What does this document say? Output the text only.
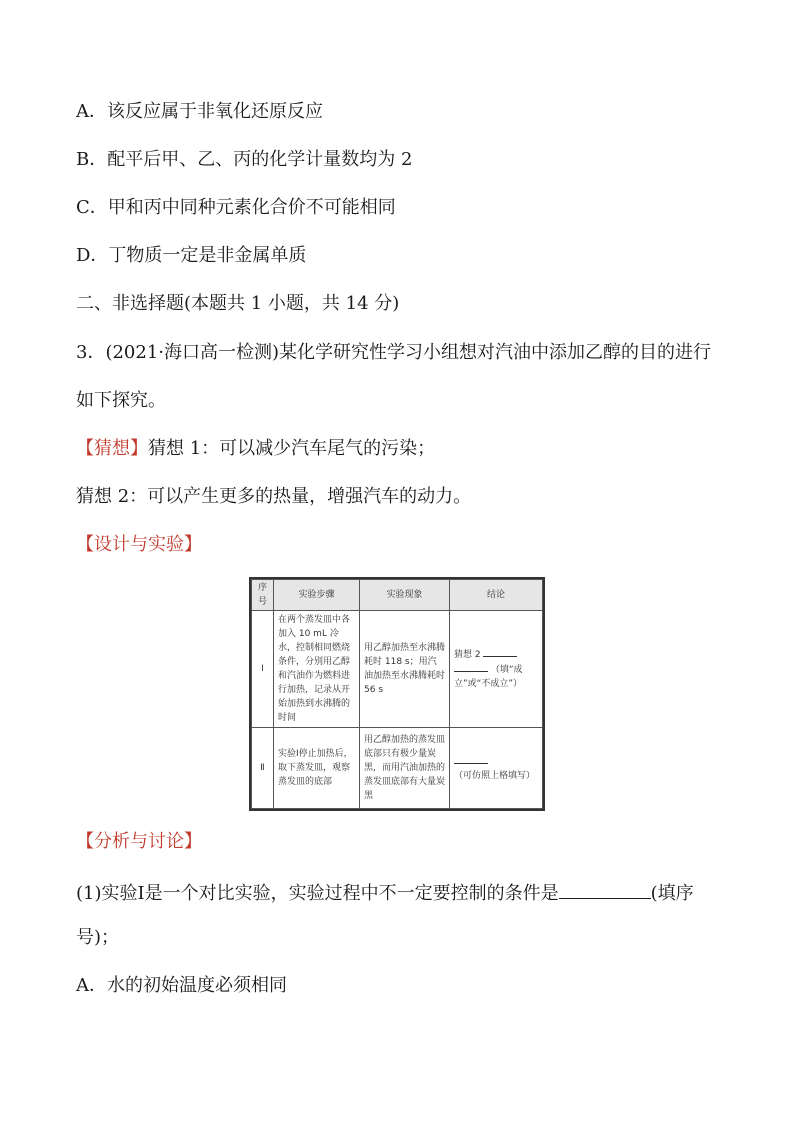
A．该反应属于非氧化还原反应
B．配平后甲、乙、丙的化学计量数均为 2
C．甲和丙中同种元素化合价不可能相同
D．丁物质一定是非金属单质
二、非选择题(本题共 1 小题，共 14 分)
3．(2021·海口高一检测)某化学研究性学习小组想对汽油中添加乙醇的目的进行
如下探究。
【猜想】猜想 1：可以减少汽车尾气的污染；
猜想 2：可以产生更多的热量，增强汽车的动力。
【设计与实验】
序号	实验步骤	实验现象	结论
Ⅰ	在两个蒸发皿中各加入 10 mL 冷水，控制相同燃烧条件，分别用乙醇和汽油作为燃料进行加热，记录从开始加热到水沸腾的时间	用乙醇加热至水沸腾耗时 118 s；用汽油加热至水沸腾耗时 56 s	猜想 2
（填“成立”或“不成立”）
Ⅱ	实验Ⅰ停止加热后，取下蒸发皿，观察蒸发皿的底部	用乙醇加热的蒸发皿底部只有极少量炭黑，而用汽油加热的蒸发皿底部有大量炭黑	（可仿照上格填写）
【分析与讨论】
(1)实验Ⅰ是一个对比实验，实验过程中不一定要控制的条件是	(填序
号)；
A．水的初始温度必须相同
